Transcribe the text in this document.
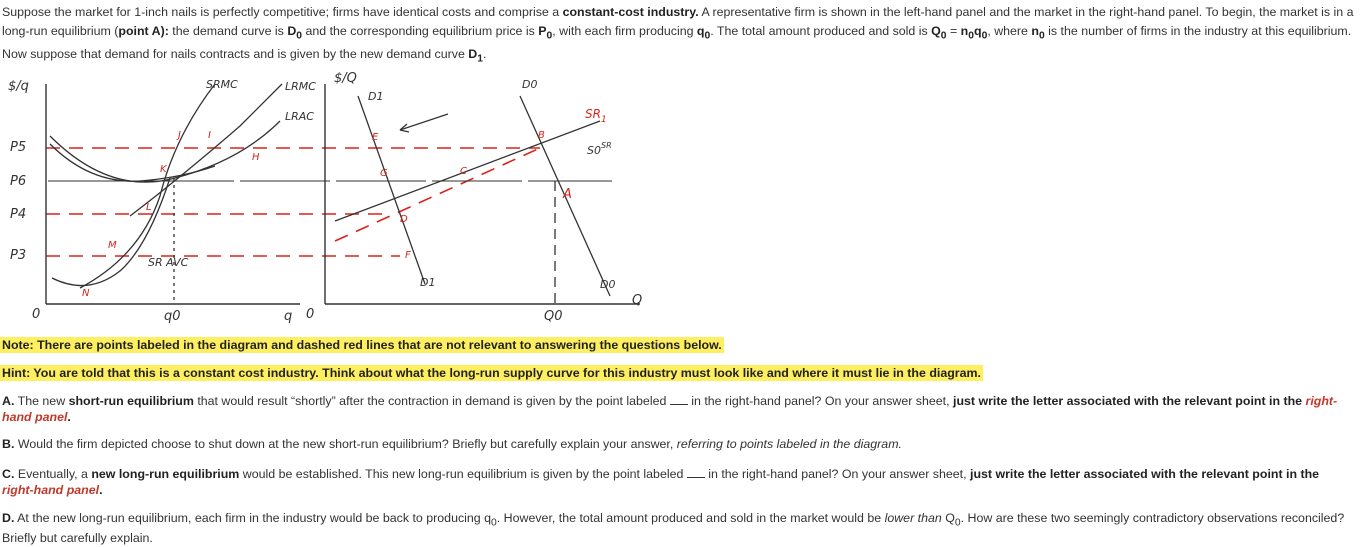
Suppose the market for 1-inch nails is perfectly competitive; firms have identical costs and comprise a constant-cost industry. A representative firm is shown in the left-hand panel and the market in the right-hand panel. To begin, the market is in a long-run equilibrium (point A): the demand curve is $D_0$ and the corresponding equilibrium price is $P_0$, with each firm producing $q_0$. The total amount produced and sold is $Q_0 = n_0q_0$, where $n_0$ is the number of firms in the industry at this equilibrium. Now suppose that demand for nails contracts and is given by the new demand curve $D_1$.
$/q
P5
P6
P4
P3
0	q0	q 0
$/Q
Q0
Q
SRMC	LRMC
LRAC
SR AVC
D0
D0
D1
D1
$SR_1$
$S0^{SR}$
J	I
H
K
L
M
N
E
G
D
F
C
B
A
Note: There are points labeled in the diagram and dashed red lines that are not relevant to answering the questions below.
Hint: You are told that this is a constant cost industry. Think about what the long-run supply curve for this industry must look like and where it must lie in the diagram.
A. The new short-run equilibrium that would result “shortly” after the contraction in demand is given by the point labeled  in the right-hand panel? On your answer sheet, just write the letter associated with the relevant point in the right-hand panel.
B. Would the firm depicted choose to shut down at the new short-run equilibrium? Briefly but carefully explain your answer, referring to points labeled in the diagram.
C. Eventually, a new long-run equilibrium would be established. This new long-run equilibrium is given by the point labeled  in the right-hand panel? On your answer sheet, just write the letter associated with the relevant point in the right-hand panel.
D. At the new long-run equilibrium, each firm in the industry would be back to producing $q_0$. However, the total amount produced and sold in the market would be lower than $Q_0$. How are these two seemingly contradictory observations reconciled? Briefly but carefully explain.
